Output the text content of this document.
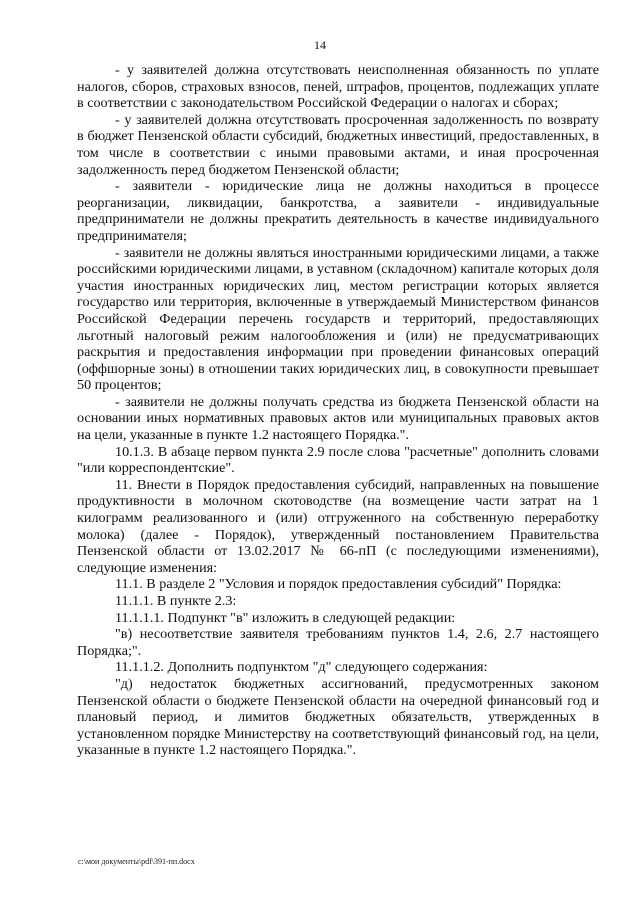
14

- у заявителей должна отсутствовать неисполненная обязанность по уплате налогов, сборов, страховых взносов, пеней, штрафов, процентов, подлежащих уплате в соответствии с законодательством Российской Федерации о налогах и сборах;

- у заявителей должна отсутствовать просроченная задолженность по возврату в бюджет Пензенской области субсидий, бюджетных инвестиций, предоставленных, в том числе в соответствии с иными правовыми актами, и иная просроченная задолженность перед бюджетом Пензенской области;

- заявители - юридические лица не должны находиться в процессе реорганизации, ликвидации, банкротства, а заявители - индивидуальные предприниматели не должны прекратить деятельность в качестве индивидуального предпринимателя;

- заявители не должны являться иностранными юридическими лицами, а также российскими юридическими лицами, в уставном (складочном) капитале которых доля участия иностранных юридических лиц, местом регистрации которых является государство или территория, включенные в утверждаемый Министерством финансов Российской Федерации перечень государств и территорий, предоставляющих льготный налоговый режим налогообложения и (или) не предусматривающих раскрытия и предоставления информации при проведении финансовых операций (оффшорные зоны) в отношении таких юридических лиц, в совокупности превышает 50 процентов;

- заявители не должны получать средства из бюджета Пензенской области на основании иных нормативных правовых актов или муниципальных правовых актов на цели, указанные в пункте 1.2 настоящего Порядка.".

10.1.3. В абзаце первом пункта 2.9 после слова "расчетные" дополнить словами "или корреспондентские".

11. Внести в Порядок предоставления субсидий, направленных на повышение продуктивности в молочном скотоводстве (на возмещение части затрат на 1 килограмм реализованного и (или) отгруженного на собственную переработку молока) (далее - Порядок), утвержденный постановлением Правительства Пензенской области от 13.02.2017 № 66-пП (с последующими изменениями), следующие изменения:

11.1. В разделе 2 "Условия и порядок предоставления субсидий" Порядка:

11.1.1. В пункте 2.3:

11.1.1.1. Подпункт "в" изложить в следующей редакции:

"в) несоответствие заявителя требованиям пунктов 1.4, 2.6, 2.7 настоящего Порядка;".

11.1.1.2. Дополнить подпунктом "д" следующего содержания:

"д) недостаток бюджетных ассигнований, предусмотренных законом Пензенской области о бюджете Пензенской области на очередной финансовый год и плановый период, и лимитов бюджетных обязательств, утвержденных в установленном порядке Министерству на соответствующий финансовый год, на цели, указанные в пункте 1.2 настоящего Порядка.".

c:\мои документы\pdf\391-пп.docx
